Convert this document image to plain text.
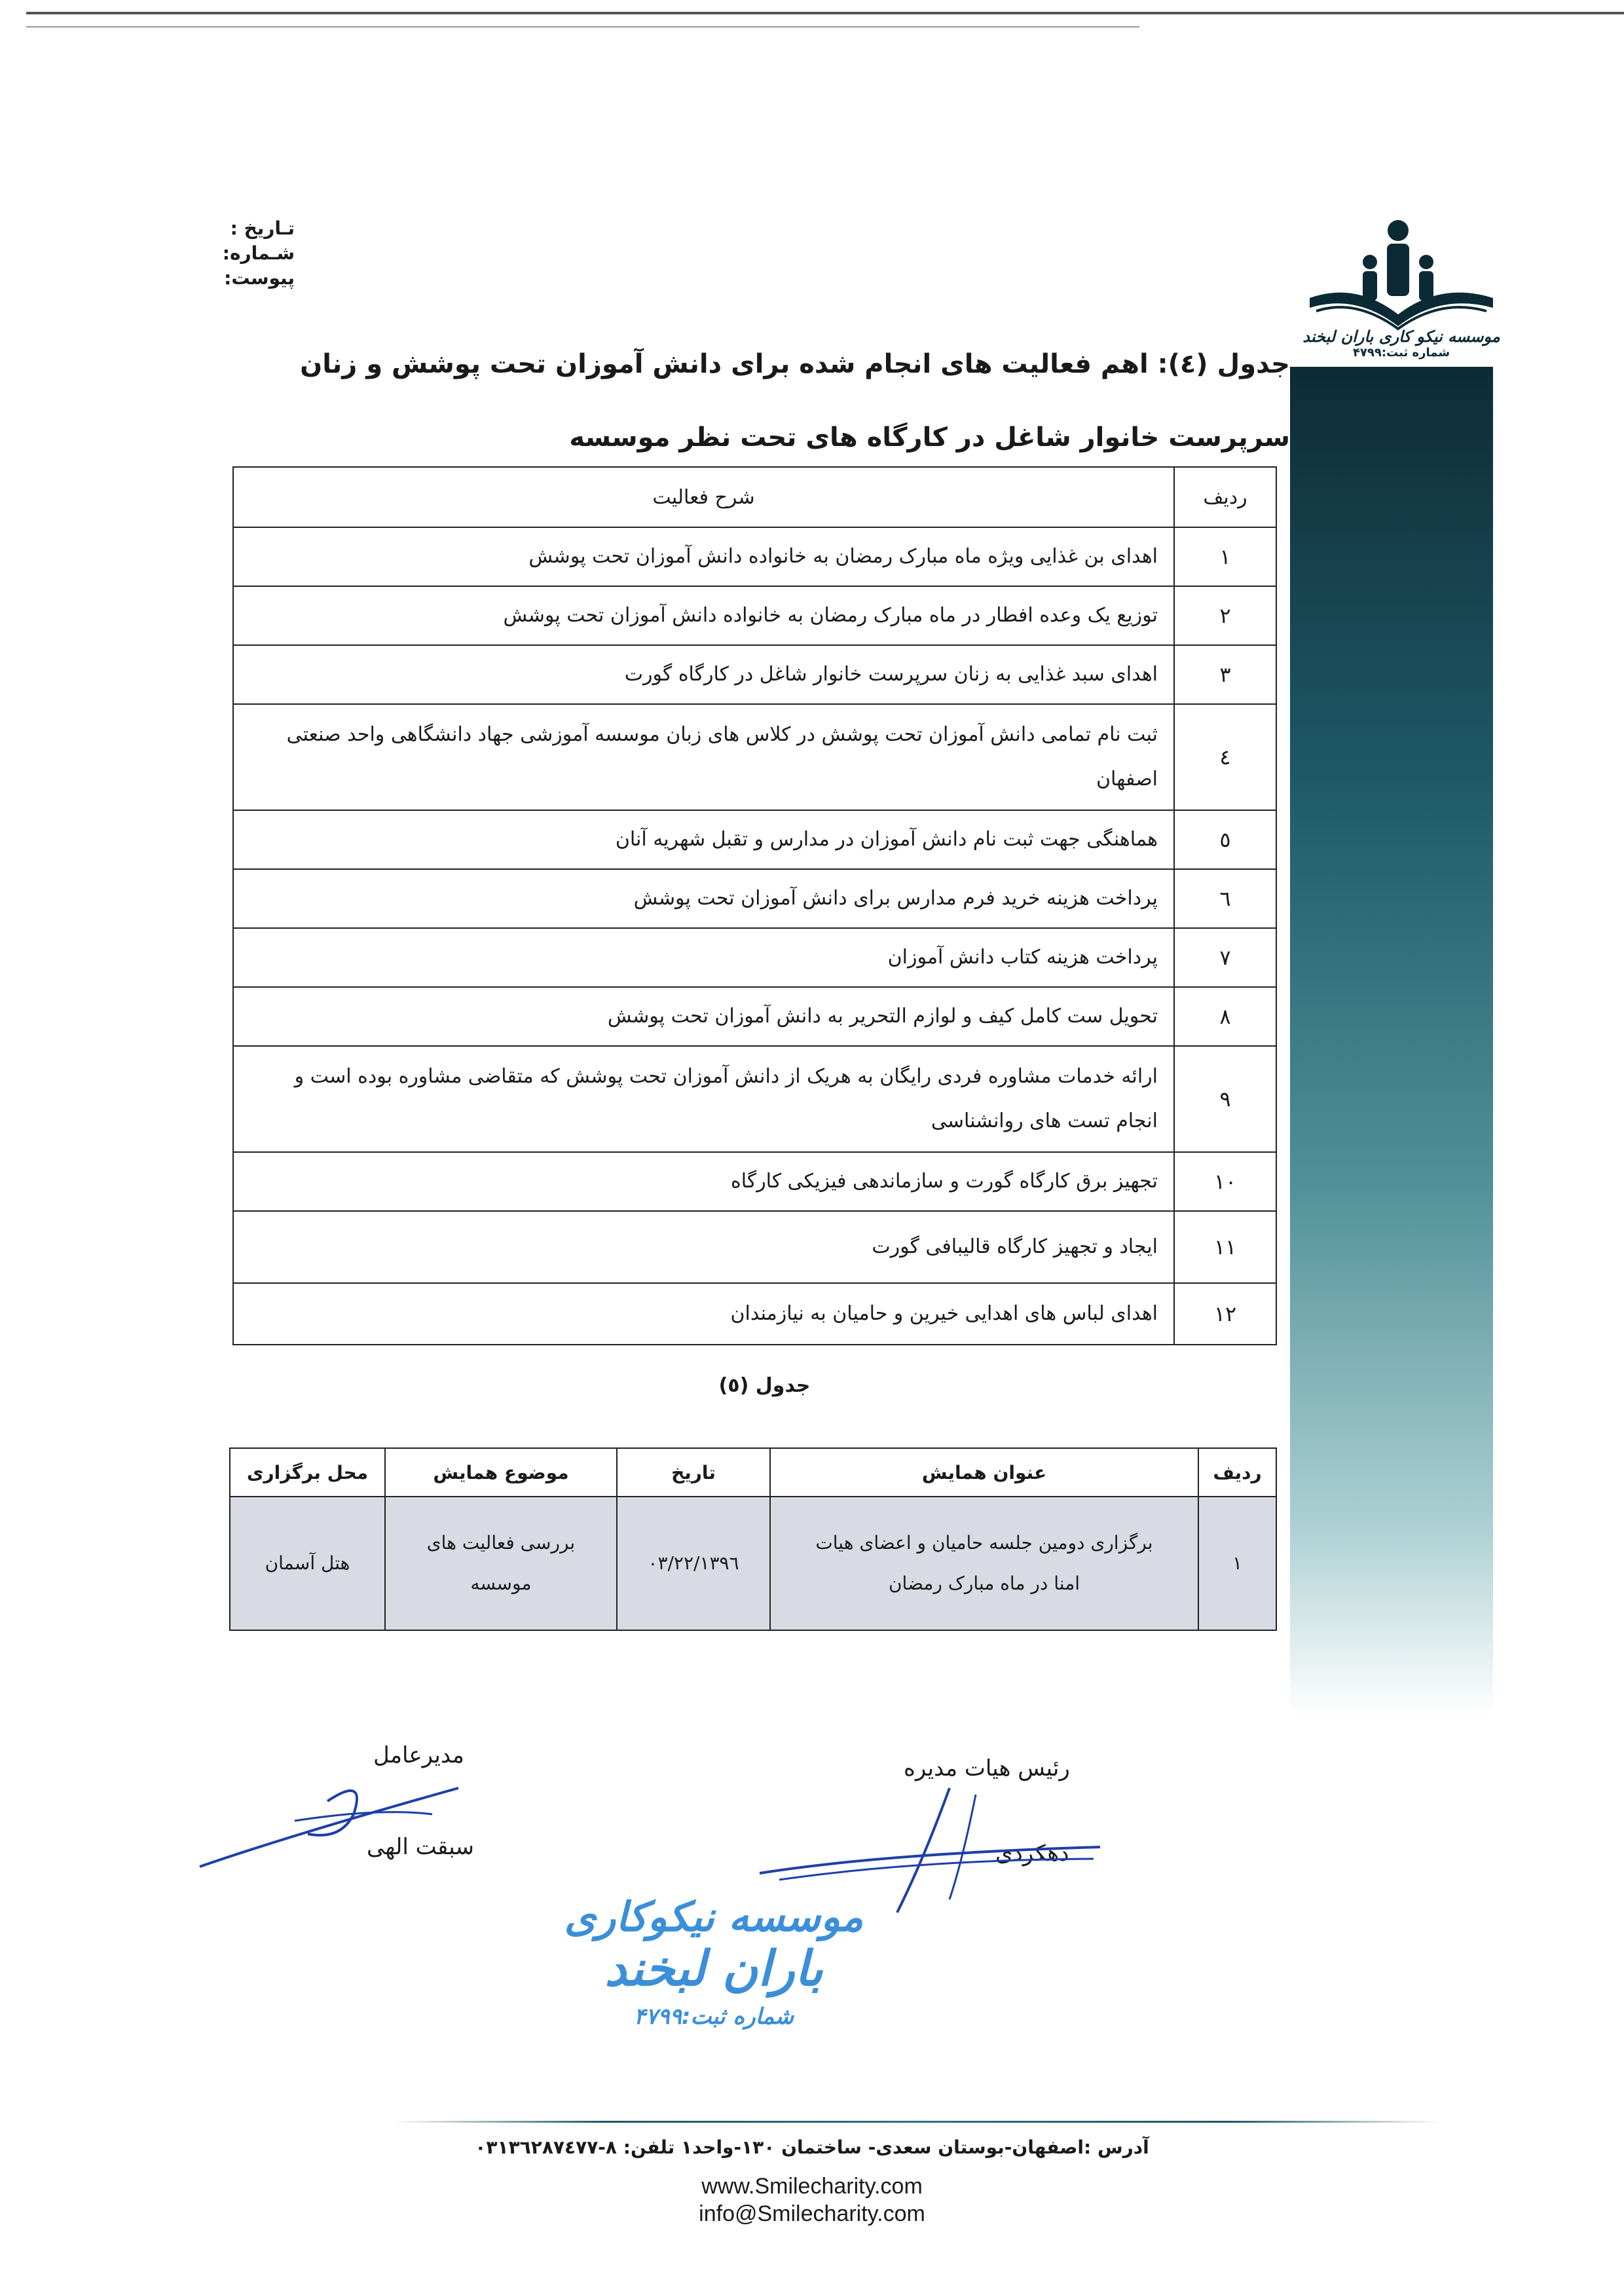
تـاریخ :
شـماره:
پیوست:
موسسه نیکو کاری باران لبخند
شماره ثبت:۴۷۹۹
جدول (٤): اهم فعالیت های انجام شده برای دانش آموزان تحت پوشش و زنان سرپرست خانوار شاغل در کارگاه های تحت نظر موسسه
ردیف	شرح فعالیت
۱	اهدای بن غذایی ویژه ماه مبارک رمضان به خانواده دانش آموزان تحت پوشش
۲	توزیع یک وعده افطار در ماه مبارک رمضان به خانواده دانش آموزان تحت پوشش
۳	اهدای سبد غذایی به زنان سرپرست خانوار شاغل در کارگاه گورت
٤	ثبت نام تمامی دانش آموزان تحت پوشش در کلاس های زبان موسسه آموزشی جهاد دانشگاهی واحد صنعتی اصفهان
٥	هماهنگی جهت ثبت نام دانش آموزان در مدارس و تقبل شهریه آنان
٦	پرداخت هزینه خرید فرم مدارس برای دانش آموزان تحت پوشش
۷	پرداخت هزینه کتاب دانش آموزان
۸	تحویل ست کامل کیف و لوازم التحریر به دانش آموزان تحت پوشش
۹	ارائه خدمات مشاوره فردی رایگان به هریک از دانش آموزان تحت پوشش که متقاضی مشاوره بوده است و انجام تست های روانشناسی
۱۰	تجهیز برق کارگاه گورت و سازماندهی فیزیکی کارگاه
۱۱	ایجاد و تجهیز کارگاه قالیبافی گورت
۱۲	اهدای لباس های اهدایی خیرین و حامیان به نیازمندان
جدول (٥)
ردیف	عنوان همایش	تاریخ	موضوع همایش	محل برگزاری
۱	برگزاری دومین جلسه حامیان و اعضای هیات امنا در ماه مبارک رمضان	۱۳۹٦/۰۳/۲۲	بررسی فعالیت های موسسه	هتل آسمان
رئیس هیات مدیره
دهکردی
مدیرعامل
سبقت الهی
موسسه نیکوکاری
باران لبخند
شماره ثبت:۴۷۹۹
آدرس :اصفهان-بوستان سعدی- ساختمان ۱۳۰-واحد۱ تلفن: ۸-۰۳۱۳٦۲۸۷٤۷۷
www.Smilecharity.com
info@Smilecharity.com
